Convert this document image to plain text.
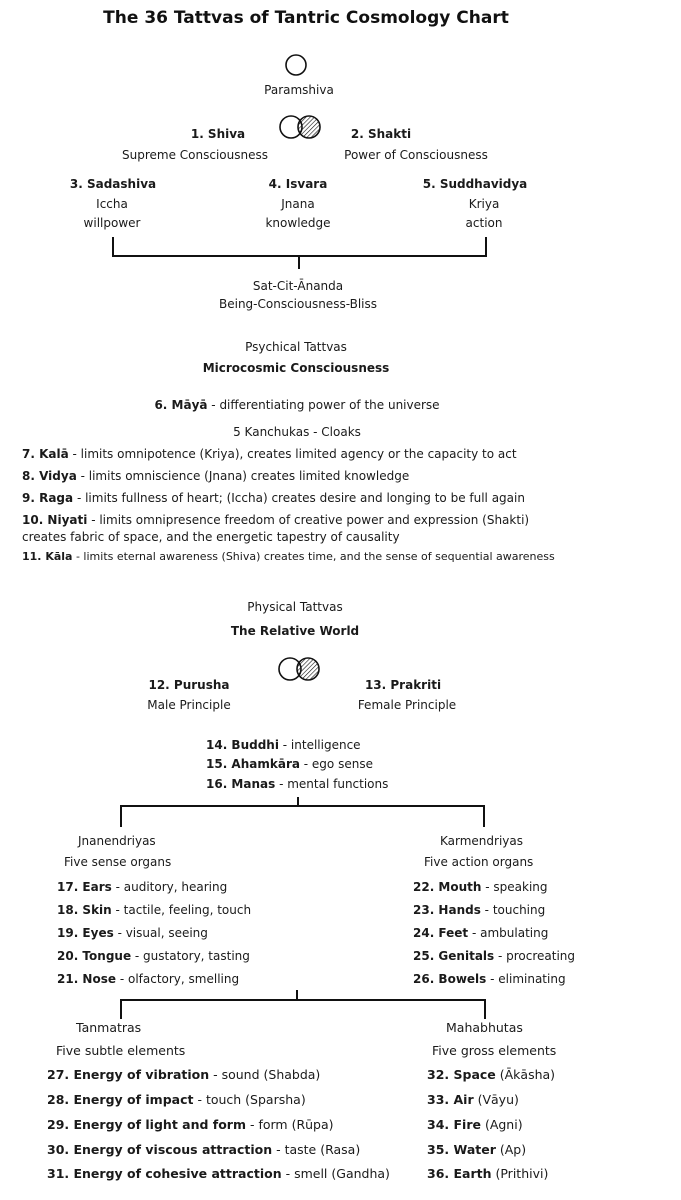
The 36 Tattvas of Tantric Cosmology Chart
Paramshiva
1. Shiva
Supreme Consciousness
2. Shakti
Power of Consciousness
3. Sadashiva
Iccha
willpower
4. Isvara
Jnana
knowledge
5. Suddhavidya
Kriya
action
Sat-Cit-Ānanda
Being-Consciousness-Bliss
Psychical Tattvas
Microcosmic Consciousness
6. Māyā - differentiating power of the universe
5 Kanchukas - Cloaks
7. Kalā - limits omnipotence (Kriya), creates limited agency or the capacity to act
8. Vidya - limits omniscience (Jnana) creates limited knowledge
9. Raga - limits fullness of heart; (Iccha) creates desire and longing to be full again
10. Niyati - limits omnipresence freedom of creative power and expression (Shakti)
creates fabric of space, and the energetic tapestry of causality
11. Kāla - limits eternal awareness (Shiva) creates time, and the sense of sequential awareness
Physical Tattvas
The Relative World
12. Purusha
Male Principle
13. Prakriti
Female Principle
14. Buddhi - intelligence
15. Ahamkāra - ego sense
16. Manas - mental functions
Jnanendriyas
Five sense organs
17. Ears - auditory, hearing
18. Skin - tactile, feeling, touch
19. Eyes - visual, seeing
20. Tongue - gustatory, tasting
21. Nose - olfactory, smelling
Karmendriyas
Five action organs
22. Mouth - speaking
23. Hands - touching
24. Feet - ambulating
25. Genitals - procreating
26. Bowels - eliminating
Tanmatras
Five subtle elements
27. Energy of vibration - sound (Shabda)
28. Energy of impact - touch (Sparsha)
29. Energy of light and form - form (Rūpa)
30. Energy of viscous attraction - taste (Rasa)
31. Energy of cohesive attraction - smell (Gandha)
Mahabhutas
Five gross elements
32. Space (Ākāsha)
33. Air (Vāyu)
34. Fire (Agni)
35. Water (Ap)
36. Earth (Prithivi)
